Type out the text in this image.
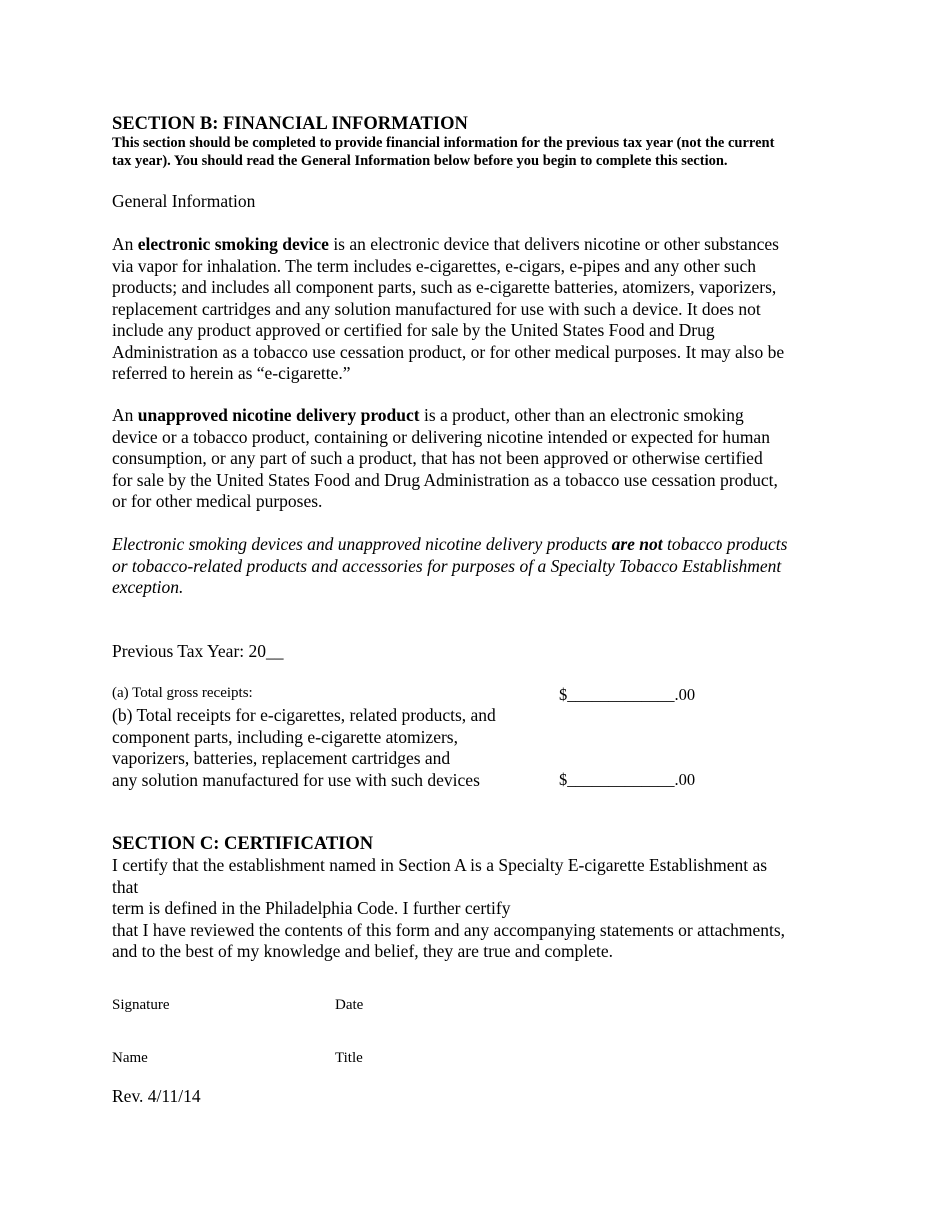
SECTION B: FINANCIAL INFORMATION
This section should be completed to provide financial information for the previous tax year (not the current
tax year). You should read the General Information below before you begin to complete this section.
General Information
An electronic smoking device is an electronic device that delivers nicotine or other substances
via vapor for inhalation. The term includes e-cigarettes, e-cigars, e-pipes and any other such
products; and includes all component parts, such as e-cigarette batteries, atomizers, vaporizers,
replacement cartridges and any solution manufactured for use with such a device. It does not
include any product approved or certified for sale by the United States Food and Drug
Administration as a tobacco use cessation product, or for other medical purposes. It may also be
referred to herein as “e-cigarette.”
An unapproved nicotine delivery product is a product, other than an electronic smoking
device or a tobacco product, containing or delivering nicotine intended or expected for human
consumption, or any part of such a product, that has not been approved or otherwise certified
for sale by the United States Food and Drug Administration as a tobacco use cessation product,
or for other medical purposes.
Electronic smoking devices and unapproved nicotine delivery products are not tobacco products
or tobacco-related products and accessories for purposes of a Specialty Tobacco Establishment
exception.
Previous Tax Year: 20__
(a) Total gross receipts:	$_____________.00
(b) Total receipts for e-cigarettes, related products, and
component parts, including e-cigarette atomizers,
vaporizers, batteries, replacement cartridges and
any solution manufactured for use with such devices	$_____________.00
SECTION C: CERTIFICATION
I certify that the establishment named in Section A is a Specialty E-cigarette Establishment as
that
term is defined in the Philadelphia Code. I further certify
that I have reviewed the contents of this form and any accompanying statements or attachments,
and to the best of my knowledge and belief, they are true and complete.
Signature	Date
Name	Title
Rev. 4/11/14
